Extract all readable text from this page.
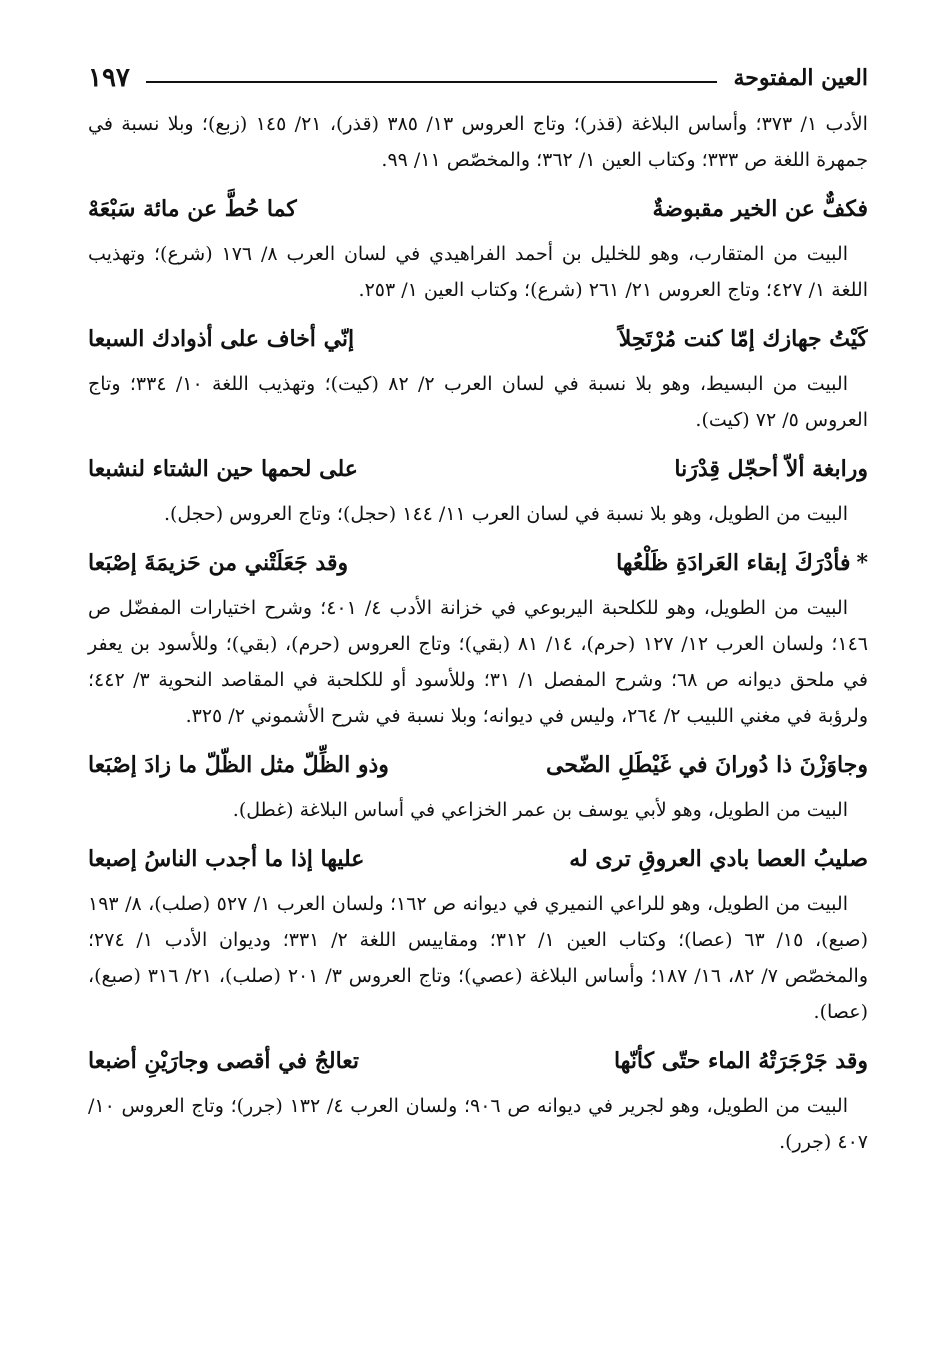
العين المفتوحة
١٩٧

الأدب ١/ ٣٧٣؛ وأساس البلاغة (قذر)؛ وتاج العروس ١٣/ ٣٨٥ (قذر)، ٢١/ ١٤٥ (زبع)؛ وبلا نسبة في جمهرة اللغة ص ٣٣٣؛ وكتاب العين ١/ ٣٦٢؛ والمخصّص ١١/ ٩٩.

فكفٌّ عن الخير مقبوضةٌ
كما حُطَّ عن مائة سَبْعَهْ

البيت من المتقارب، وهو للخليل بن أحمد الفراهيدي في لسان العرب ٨/ ١٧٦ (شرع)؛ وتهذيب اللغة ١/ ٤٢٧؛ وتاج العروس ٢١/ ٢٦١ (شرع)؛ وكتاب العين ١/ ٢٥٣.

كَيْتُ جهازك إمّا كنت مُرْتَحِلاً
إنّي أخاف على أذوادك السبعا

البيت من البسيط، وهو بلا نسبة في لسان العرب ٢/ ٨٢ (كيت)؛ وتهذيب اللغة ١٠/ ٣٣٤؛ وتاج العروس ٥/ ٧٢ (كيت).

ورابغة ألاّ أحجّل قِدْرَنا
على لحمها حين الشتاء لنشبعا

البيت من الطويل، وهو بلا نسبة في لسان العرب ١١/ ١٤٤ (حجل)؛ وتاج العروس (حجل).

*فأدْرَكَ إبقاء العَرادَةِ ظَلْعُها
وقد جَعَلَتْني من حَزيمَةَ إصْبَعا

البيت من الطويل، وهو للكلحبة اليربوعي في خزانة الأدب ٤/ ٤٠١؛ وشرح اختيارات المفضّل ص ١٤٦؛ ولسان العرب ١٢/ ١٢٧ (حرم)، ١٤/ ٨١ (بقي)؛ وتاج العروس (حرم)، (بقي)؛ وللأسود بن يعفر في ملحق ديوانه ص ٦٨؛ وشرح المفصل ١/ ٣١؛ وللأسود أو للكلحبة في المقاصد النحوية ٣/ ٤٤٢؛ ولرؤبة في مغني اللبيب ٢/ ٢٦٤، وليس في ديوانه؛ وبلا نسبة في شرح الأشموني ٢/ ٣٢٥.

وجاوَزْنَ ذا دُورانَ في غَيْطَلِ الضّحى
وذو الظِّلّ مثل الظّلّ ما زادَ إصْبَعا

البيت من الطويل، وهو لأبي يوسف بن عمر الخزاعي في أساس البلاغة (غطل).

صليبُ العصا بادي العروقِ ترى له
عليها إذا ما أجدب الناسُ إصبعا

البيت من الطويل، وهو للراعي النميري في ديوانه ص ١٦٢؛ ولسان العرب ١/ ٥٢٧ (صلب)، ٨/ ١٩٣ (صبع)، ١٥/ ٦٣ (عصا)؛ وكتاب العين ١/ ٣١٢؛ ومقاييس اللغة ٢/ ٣٣١؛ وديوان الأدب ١/ ٢٧٤؛ والمخصّص ٧/ ٨٢، ١٦/ ١٨٧؛ وأساس البلاغة (عصي)؛ وتاج العروس ٣/ ٢٠١ (صلب)، ٢١/ ٣١٦ (صبع)، (عصا).

وقد جَرْجَرَتْهُ الماء حتّى كأنّها
تعالجُ في أقصى وجارَيْنِ أضبعا

البيت من الطويل، وهو لجرير في ديوانه ص ٩٠٦؛ ولسان العرب ٤/ ١٣٢ (جرر)؛ وتاج العروس ١٠/ ٤٠٧ (جرر).
